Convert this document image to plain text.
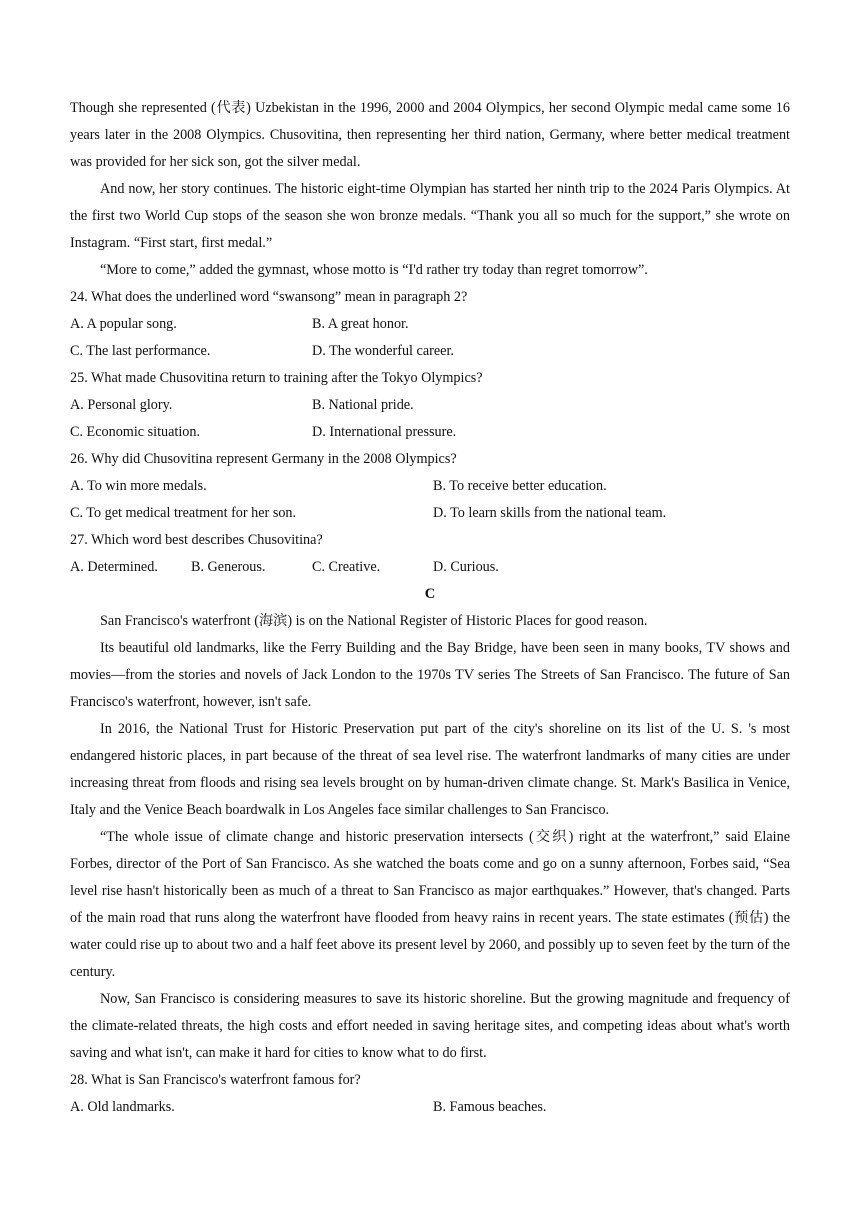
Though she represented (代表) Uzbekistan in the 1996, 2000 and 2004 Olympics, her second Olympic medal came some 16 years later in the 2008 Olympics. Chusovitina, then representing her third nation, Germany, where better medical treatment was provided for her sick son, got the silver medal.

And now, her story continues. The historic eight-time Olympian has started her ninth trip to the 2024 Paris Olympics. At the first two World Cup stops of the season she won bronze medals. “Thank you all so much for the support,” she wrote on Instagram. “First start, first medal.”

“More to come,” added the gymnast, whose motto is “I'd rather try today than regret tomorrow”.

24. What does the underlined word “swansong” mean in paragraph 2?
A. A popular song.	B. A great honor.
C. The last performance.	D. The wonderful career.
25. What made Chusovitina return to training after the Tokyo Olympics?
A. Personal glory.	B. National pride.
C. Economic situation.	D. International pressure.
26. Why did Chusovitina represent Germany in the 2008 Olympics?
A. To win more medals.	B. To receive better education.
C. To get medical treatment for her son.	D. To learn skills from the national team.
27. Which word best describes Chusovitina?
A. Determined. B. Generous.	C. Creative.	D. Curious.
C

San Francisco's waterfront (海滨) is on the National Register of Historic Places for good reason.

Its beautiful old landmarks, like the Ferry Building and the Bay Bridge, have been seen in many books, TV shows and movies—from the stories and novels of Jack London to the 1970s TV series The Streets of San Francisco. The future of San Francisco's waterfront, however, isn't safe.

In 2016, the National Trust for Historic Preservation put part of the city's shoreline on its list of the U. S. 's most endangered historic places, in part because of the threat of sea level rise. The waterfront landmarks of many cities are under increasing threat from floods and rising sea levels brought on by human-driven climate change. St. Mark's Basilica in Venice, Italy and the Venice Beach boardwalk in Los Angeles face similar challenges to San Francisco.

“The whole issue of climate change and historic preservation intersects (交织) right at the waterfront,” said Elaine Forbes, director of the Port of San Francisco. As she watched the boats come and go on a sunny afternoon, Forbes said, “Sea level rise hasn't historically been as much of a threat to San Francisco as major earthquakes.” However, that's changed. Parts of the main road that runs along the waterfront have flooded from heavy rains in recent years. The state estimates (预估) the water could rise up to about two and a half feet above its present level by 2060, and possibly up to seven feet by the turn of the century.

Now, San Francisco is considering measures to save its historic shoreline. But the growing magnitude and frequency of the climate-related threats, the high costs and effort needed in saving heritage sites, and competing ideas about what's worth saving and what isn't, can make it hard for cities to know what to do first.

28. What is San Francisco's waterfront famous for?
A. Old landmarks.	B. Famous beaches.
